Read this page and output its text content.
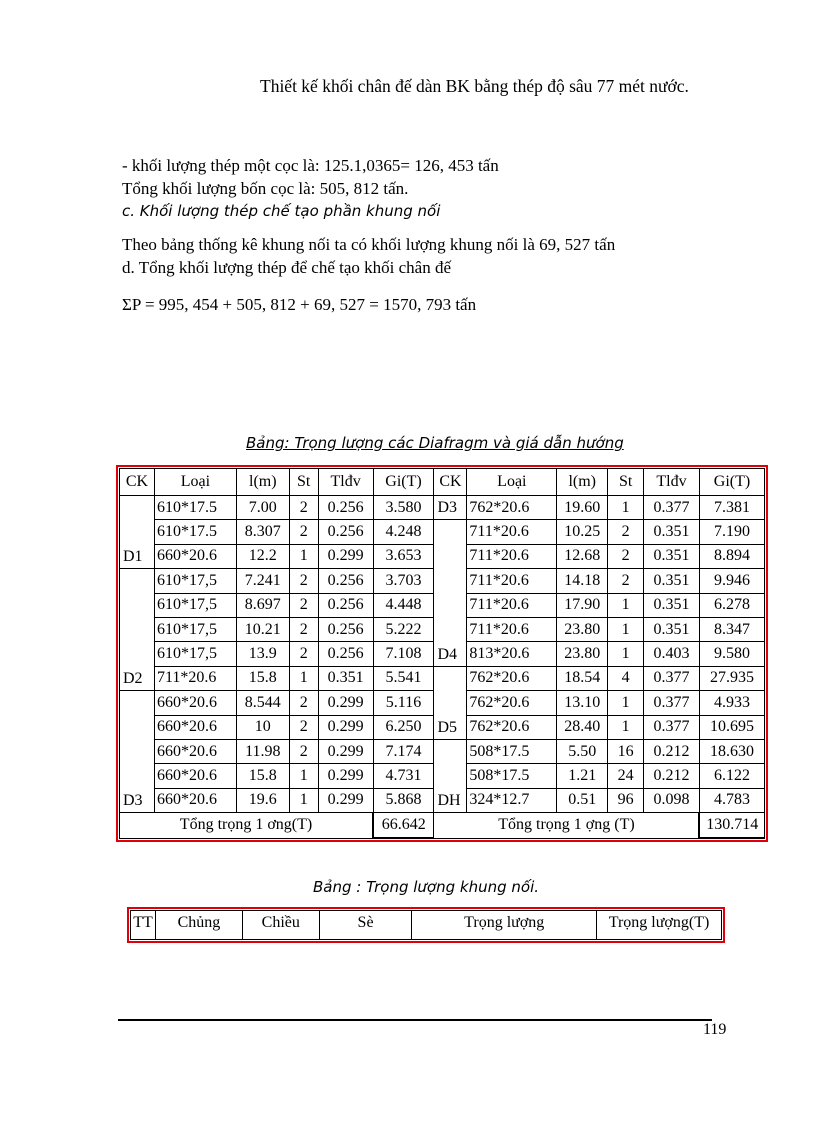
Thiết kế khối chân đế dàn BK bằng thép độ sâu 77 mét nước.
- khối lượng thép một cọc là: 125.1,0365= 126, 453 tấn
Tổng khối lượng bốn cọc là: 505, 812 tấn.
c. Khối lượng thép chế tạo phần khung nối
Theo bảng thống kê khung nối ta có khối lượng khung nối là 69, 527 tấn
d. Tổng khối lượng thép để chế tạo khối chân đế
ΣP = 995, 454 + 505, 812 + 69, 527 = 1570, 793 tấn
Bảng: Trọng lượng các Diafragm và giá dẫn hướng
CK	Loại	l(m)	St	Tlđv	Gi(T)	CK	Loại	l(m)	St	Tlđv	Gi(T)
D1	610*17.5	7.00	2	0.256	3.580	D3	762*20.6	19.60	1	0.377	7.381
	610*17.5	8.307	2	0.256	4.248	D4	711*20.6	10.25	2	0.351	7.190
	660*20.6	12.2	1	0.299	3.653		711*20.6	12.68	2	0.351	8.894
D2	610*17,5	7.241	2	0.256	3.703		711*20.6	14.18	2	0.351	9.946
	610*17,5	8.697	2	0.256	4.448		711*20.6	17.90	1	0.351	6.278
	610*17,5	10.21	2	0.256	5.222		711*20.6	23.80	1	0.351	8.347
	610*17,5	13.9	2	0.256	7.108		813*20.6	23.80	1	0.403	9.580
	711*20.6	15.8	1	0.351	5.541	D5	762*20.6	18.54	4	0.377	27.935
D3	660*20.6	8.544	2	0.299	5.116		762*20.6	13.10	1	0.377	4.933
	660*20.6	10	2	0.299	6.250		762*20.6	28.40	1	0.377	10.695
	660*20.6	11.98	2	0.299	7.174	DH	508*17.5	5.50	16	0.212	18.630
	660*20.6	15.8	1	0.299	4.731		508*17.5	1.21	24	0.212	6.122
	660*20.6	19.6	1	0.299	5.868		324*12.7	0.51	96	0.098	4.783
Tổng trọng 1 ơng(T)					66.642	Tổng trọng 1 ợng (T)					130.714
Bảng : Trọng lượng khung nối.
TT	Chủng	Chiều	Sè	Trọng lượng	Trọng lượng(T)
119
